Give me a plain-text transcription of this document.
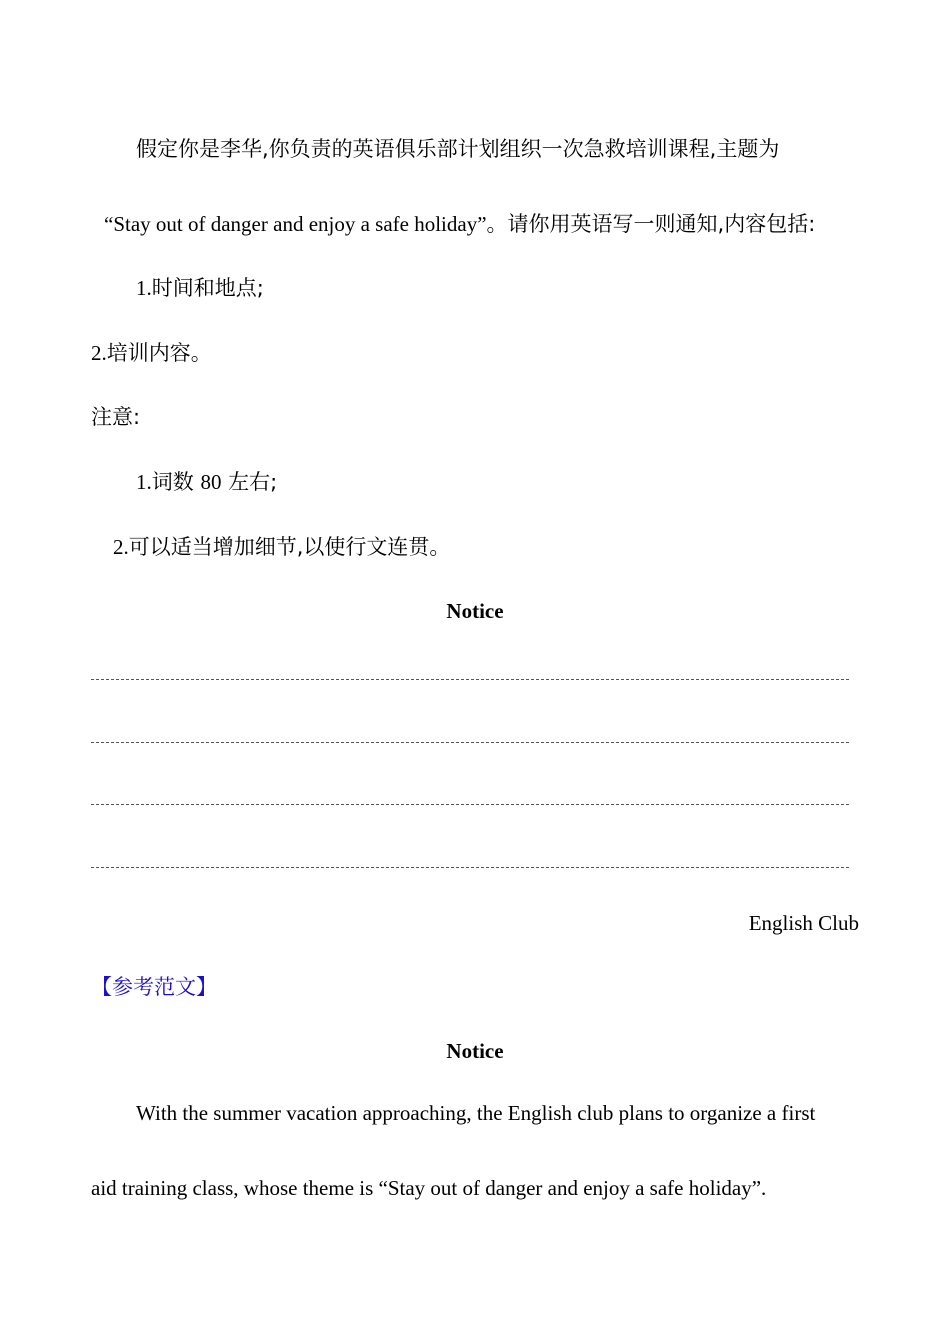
假定你是李华,你负责的英语俱乐部计划组织一次急救培训课程,主题为
“Stay out of danger and enjoy a safe holiday”。请你用英语写一则通知,内容包括:
1.时间和地点;
2.培训内容。
注意:
1.词数 80 左右;
2.可以适当增加细节,以使行文连贯。
Notice
English Club
【参考范文】
Notice
With the summer vacation approaching, the English club plans to organize a first
aid training class, whose theme is “Stay out of danger and enjoy a safe holiday”.
